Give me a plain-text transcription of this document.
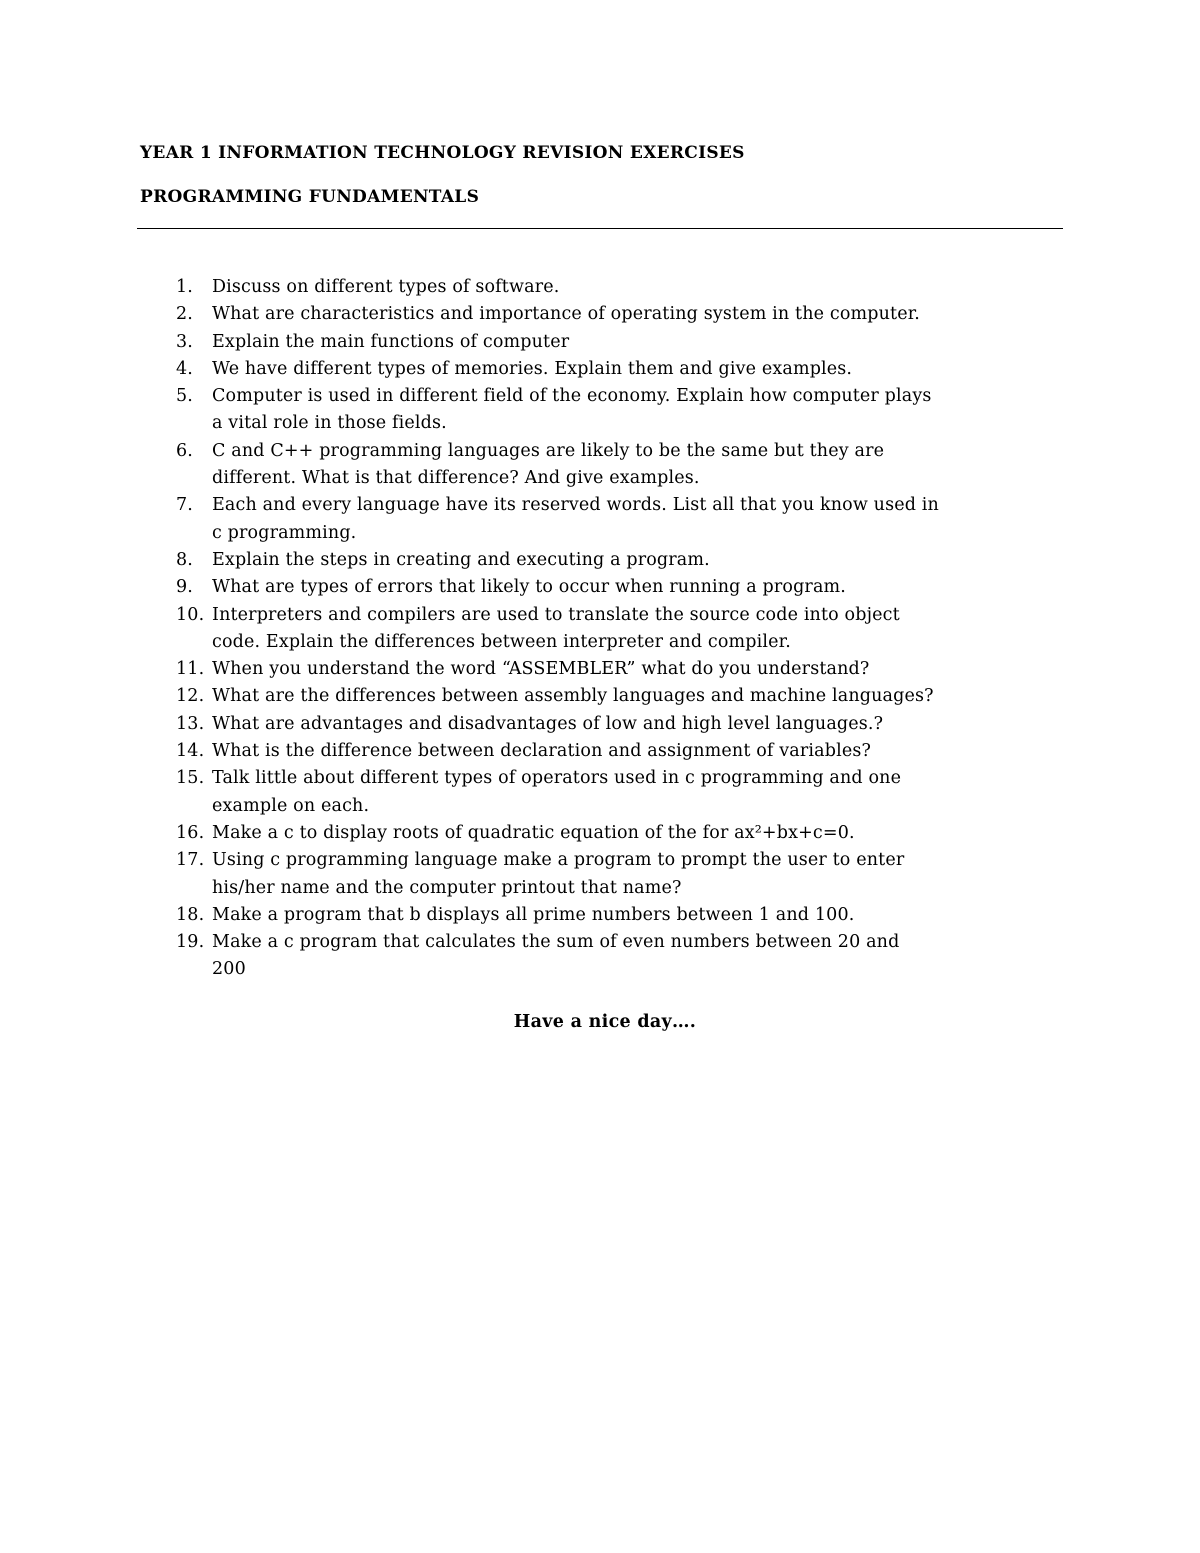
YEAR 1 INFORMATION TECHNOLOGY REVISION EXERCISES
PROGRAMMING FUNDAMENTALS
1.	Discuss on different types of software.
2.	What are characteristics and importance of operating system in the computer.
3.	Explain the main functions of computer
4.	We have different types of memories. Explain them and give examples.
5.	Computer is used in different field of the economy. Explain how computer plays
a vital role in those fields.
6.	C and C++ programming languages are likely to be the same but they are
different. What is that difference? And give examples.
7.	Each and every language have its reserved words. List all that you know used in
c programming.
8.	Explain the steps in creating and executing a program.
9.	What are types of errors that likely to occur when running a program.
10. Interpreters and compilers are used to translate the source code into object
code. Explain the differences between interpreter and compiler.
11. When you understand the word “ASSEMBLER” what do you understand?
12. What are the differences between assembly languages and machine languages?
13. What are advantages and disadvantages of low and high level languages.?
14. What is the difference between declaration and assignment of variables?
15. Talk little about different types of operators used in c programming and one
example on each.
16. Make a c to display roots of quadratic equation of the for ax²+bx+c=0.
17. Using c programming language make a program to prompt the user to enter
his/her name and the computer printout that name?
18. Make a program that b displays all prime numbers between 1 and 100.
19. Make a c program that calculates the sum of even numbers between 20 and
200
Have a nice day….
